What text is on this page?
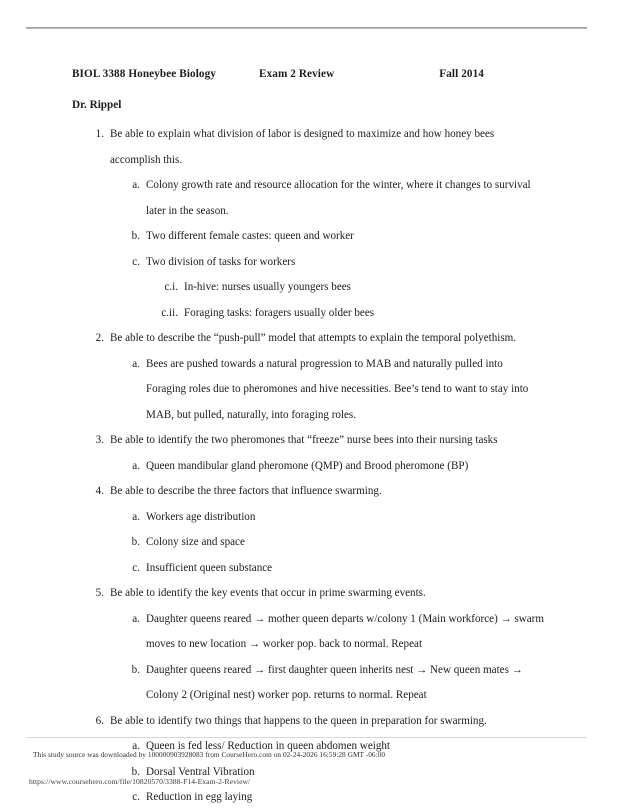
BIOL 3388 Honeybee Biology	Exam 2 Review	Fall 2014
Dr. Rippel
1. Be able to explain what division of labor is designed to maximize and how honey bees accomplish this.
a. Colony growth rate and resource allocation for the winter, where it changes to survival later in the season.
b. Two different female castes: queen and worker
c. Two division of tasks for workers
c.i. In-hive: nurses usually youngers bees
c.ii. Foraging tasks: foragers usually older bees
2. Be able to describe the “push-pull” model that attempts to explain the temporal polyethism.
a. Bees are pushed towards a natural progression to MAB and naturally pulled into Foraging roles due to pheromones and hive necessities. Bee’s tend to want to stay into MAB, but pulled, naturally, into foraging roles.
3. Be able to identify the two pheromones that “freeze” nurse bees into their nursing tasks
a. Queen mandibular gland pheromone (QMP) and Brood pheromone (BP)
4. Be able to describe the three factors that influence swarming.
a. Workers age distribution
b. Colony size and space
c. Insufficient queen substance
5. Be able to identify the key events that occur in prime swarming events.
a. Daughter queens reared → mother queen departs w/colony 1 (Main workforce) → swarm moves to new location → worker pop. back to normal. Repeat
b. Daughter queens reared → first daughter queen inherits nest → New queen mates → Colony 2 (Original nest) worker pop. returns to normal. Repeat
6. Be able to identify two things that happens to the queen in preparation for swarming.
a. Queen is fed less/ Reduction in queen abdomen weight
b. Dorsal Ventral Vibration
c. Reduction in egg laying
This study source was downloaded by 100000903928083 from CourseHero.com on 02-24-2026 16:59:28 GMT -06:00
https://www.coursehero.com/file/10820570/3388-F14-Exam-2-Review/
